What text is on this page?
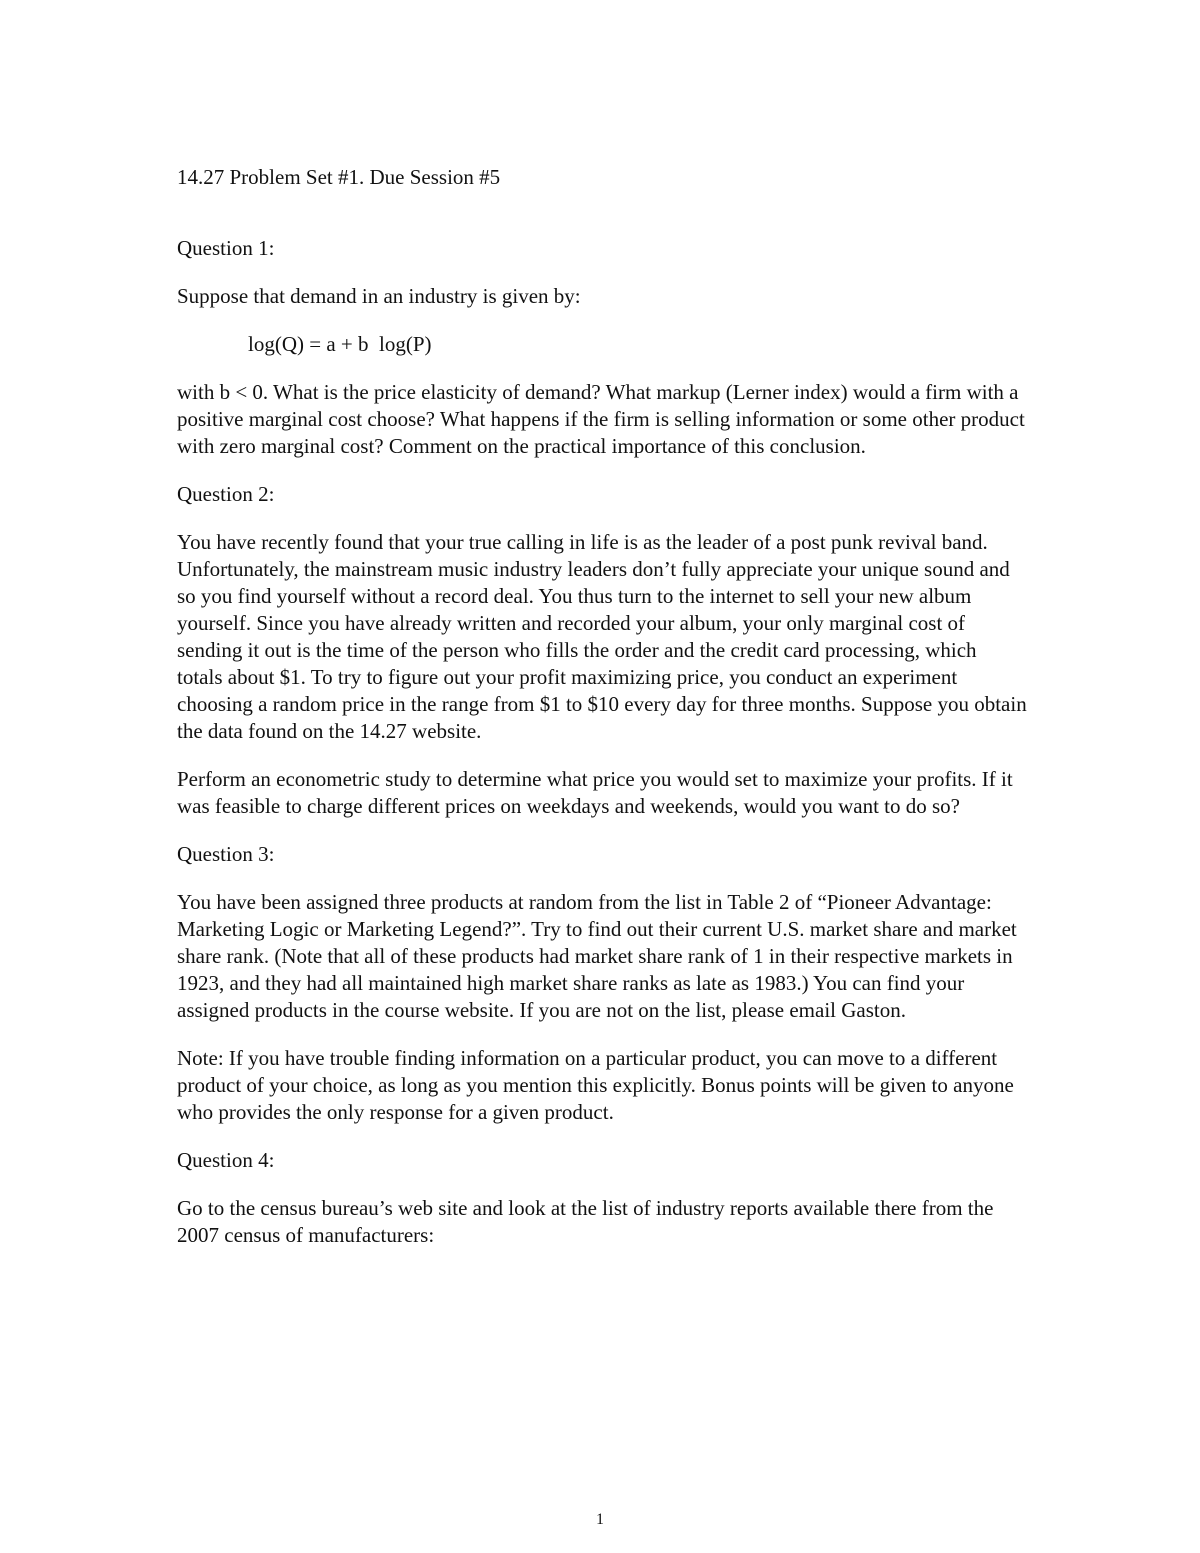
14.27 Problem Set #1. Due Session #5
Question 1:

Suppose that demand in an industry is given by:

log(Q) = a + b  log(P)

with b < 0. What is the price elasticity of demand? What markup (Lerner index) would a firm with a positive marginal cost choose? What happens if the firm is selling information or some other product with zero marginal cost? Comment on the practical importance of this conclusion.

Question 2:

You have recently found that your true calling in life is as the leader of a post punk revival band. Unfortunately, the mainstream music industry leaders don’t fully appreciate your unique sound and so you find yourself without a record deal. You thus turn to the internet to sell your new album yourself. Since you have already written and recorded your album, your only marginal cost of sending it out is the time of the person who fills the order and the credit card processing, which totals about $1. To try to figure out your profit maximizing price, you conduct an experiment choosing a random price in the range from $1 to $10 every day for three months. Suppose you obtain the data found on the 14.27 website.

Perform an econometric study to determine what price you would set to maximize your profits. If it was feasible to charge different prices on weekdays and weekends, would you want to do so?

Question 3:

You have been assigned three products at random from the list in Table 2 of “Pioneer Advantage: Marketing Logic or Marketing Legend?”. Try to find out their current U.S. market share and market share rank. (Note that all of these products had market share rank of 1 in their respective markets in 1923, and they had all maintained high market share ranks as late as 1983.) You can find your assigned products in the course website. If you are not on the list, please email Gaston.

Note: If you have trouble finding information on a particular product, you can move to a different product of your choice, as long as you mention this explicitly. Bonus points will be given to anyone who provides the only response for a given product.

Question 4:

Go to the census bureau’s web site and look at the list of industry reports available there from the 2007 census of manufacturers:

1
